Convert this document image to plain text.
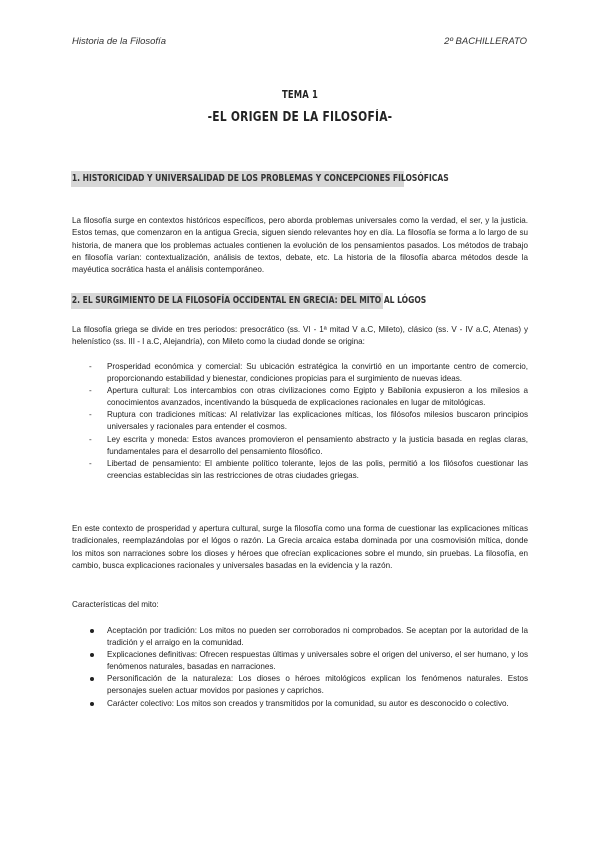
Historia de la Filosofía	2º BACHILLERATO
TEMA 1
-EL ORIGEN DE LA FILOSOFÍA-
1. HISTORICIDAD Y UNIVERSALIDAD DE LOS PROBLEMAS Y CONCEPCIONES FILOSÓFICAS
La filosofía surge en contextos históricos específicos, pero aborda problemas universales como la verdad, el ser, y la justicia. Estos temas, que comenzaron en la antigua Grecia, siguen siendo relevantes hoy en día. La filosofía se forma a lo largo de su historia, de manera que los problemas actuales contienen la evolución de los pensamientos pasados. Los métodos de trabajo en filosofía varían: contextualización, análisis de textos, debate, etc. La historia de la filosofía abarca métodos desde la mayéutica socrática hasta el análisis contemporáneo.
2. EL SURGIMIENTO DE LA FILOSOFÍA OCCIDENTAL EN GRECIA: DEL MITO AL LÓGOS
La filosofía griega se divide en tres periodos: presocrático (ss. VI - 1ª mitad V a.C, Mileto), clásico (ss. V - IV a.C, Atenas) y helenístico (ss. III - I a.C, Alejandría), con Mileto como la ciudad donde se origina:
- Prosperidad económica y comercial: Su ubicación estratégica la convirtió en un importante centro de comercio, proporcionando estabilidad y bienestar, condiciones propicias para el surgimiento de nuevas ideas.
- Apertura cultural: Los intercambios con otras civilizaciones como Egipto y Babilonia expusieron a los milesios a conocimientos avanzados, incentivando la búsqueda de explicaciones racionales en lugar de mitológicas.
- Ruptura con tradiciones míticas: Al relativizar las explicaciones míticas, los filósofos milesios buscaron principios universales y racionales para entender el cosmos.
- Ley escrita y moneda: Estos avances promovieron el pensamiento abstracto y la justicia basada en reglas claras, fundamentales para el desarrollo del pensamiento filosófico.
- Libertad de pensamiento: El ambiente político tolerante, lejos de las polis, permitió a los filósofos cuestionar las creencias establecidas sin las restricciones de otras ciudades griegas.
En este contexto de prosperidad y apertura cultural, surge la filosofía como una forma de cuestionar las explicaciones míticas tradicionales, reemplazándolas por el lógos o razón. La Grecia arcaica estaba dominada por una cosmovisión mítica, donde los mitos son narraciones sobre los dioses y héroes que ofrecían explicaciones sobre el mundo, sin pruebas. La filosofía, en cambio, busca explicaciones racionales y universales basadas en la evidencia y la razón.
Características del mito:
Aceptación por tradición: Los mitos no pueden ser corroborados ni comprobados. Se aceptan por la autoridad de la tradición y el arraigo en la comunidad.
Explicaciones definitivas: Ofrecen respuestas últimas y universales sobre el origen del universo, el ser humano, y los fenómenos naturales, basadas en narraciones.
Personificación de la naturaleza: Los dioses o héroes mitológicos explican los fenómenos naturales. Estos personajes suelen actuar movidos por pasiones y caprichos.
Carácter colectivo: Los mitos son creados y transmitidos por la comunidad, su autor es desconocido o colectivo.
